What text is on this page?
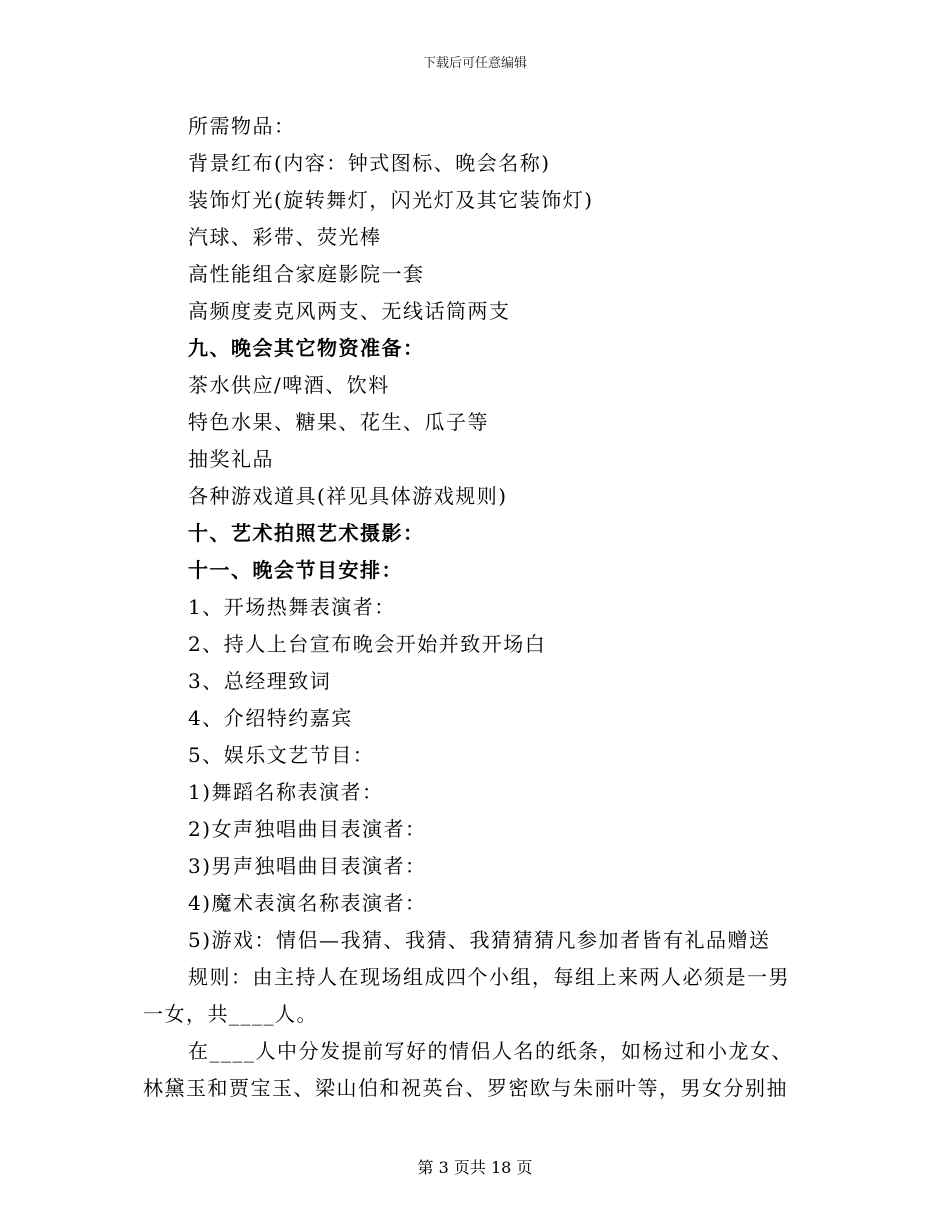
下载后可任意编辑
所需物品：
背景红布(内容：钟式图标、晚会名称)
装饰灯光(旋转舞灯，闪光灯及其它装饰灯)
汽球、彩带、荧光棒
高性能组合家庭影院一套
高频度麦克风两支、无线话筒两支
九、晚会其它物资准备：
茶水供应/啤酒、饮料
特色水果、糖果、花生、瓜子等
抽奖礼品
各种游戏道具(祥见具体游戏规则)
十、艺术拍照艺术摄影：
十一、晚会节目安排：
1、开场热舞表演者：
2、持人上台宣布晚会开始并致开场白
3、总经理致词
4、介绍特约嘉宾
5、娱乐文艺节目：
1)舞蹈名称表演者：
2)女声独唱曲目表演者：
3)男声独唱曲目表演者：
4)魔术表演名称表演者：
5)游戏：情侣—我猜、我猜、我猜猜猜凡参加者皆有礼品赠送
规则：由主持人在现场组成四个小组，每组上来两人必须是一男
一女，共____人。
在____人中分发提前写好的情侣人名的纸条，如杨过和小龙女、
林黛玉和贾宝玉、梁山伯和祝英台、罗密欧与朱丽叶等，男女分别抽
第 3 页共 18 页
